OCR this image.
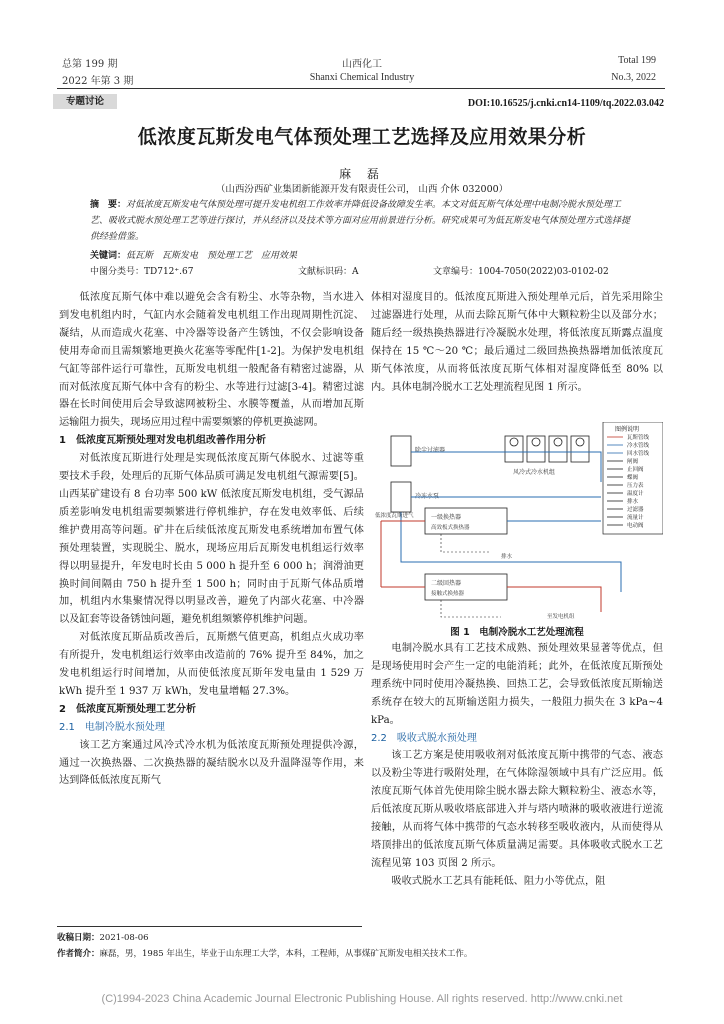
总第 199 期
2022 年第 3 期
山西化工
Shanxi Chemical Industry
Total 199
No.3, 2022
专题讨论	DOI:10.16525/j.cnki.cn14-1109/tq.2022.03.042
低浓度瓦斯发电气体预处理工艺选择及应用效果分析
麻 磊
（山西汾西矿业集团新能源开发有限责任公司， 山西 介休 032000）
摘　要：对低浓度瓦斯发电气体预处理可提升发电机组工作效率并降低设备故障发生率。本文对低瓦斯气体处理中电制冷脱水预处理工艺、吸收式脱水预处理工艺等进行探讨，并从经济以及技术等方面对应用前景进行分析。研究成果可为低瓦斯发电气体预处理方式选择提供经验借鉴。
关键词：低瓦斯　瓦斯发电　预处理工艺　应用效果
中图分类号：TD712⁺.67	文献标识码：A	文章编号：1004-7050(2022)03-0102-02

低浓度瓦斯气体中难以避免会含有粉尘、水等杂物，当水进入到发电机组内时，气缸内水会随着发电机组工作出现周期性沉淀、凝结，从而造成火花塞、中冷器等设备产生锈蚀，不仅会影响设备使用寿命而且需频繁地更换火花塞等零配件[1-2]。为保护发电机组气缸等部件运行可靠性，瓦斯发电机组一般配备有精密过滤器，从而对低浓度瓦斯气体中含有的粉尘、水等进行过滤[3-4]。精密过滤器在长时间使用后会导致滤网被粉尘、水膜等覆盖，从而增加瓦斯运输阻力损失，现场应用过程中需要频繁的停机更换滤网。

1　低浓度瓦斯预处理对发电机组改善作用分析

对低浓度瓦斯进行处理是实现低浓度瓦斯气体脱水、过滤等重要技术手段，处理后的瓦斯气体品质可满足发电机组气源需要[5]。山西某矿建设有 8 台功率 500 kW 低浓度瓦斯发电机组，受气源品质差影响发电机组需要频繁进行停机维护，存在发电效率低、后续维护费用高等问题。矿井在后续低浓度瓦斯发电系统增加布置气体预处理装置，实现脱尘、脱水，现场应用后瓦斯发电机组运行效率得以明显提升，年发电时长由 5 000 h 提升至 6 000 h；润滑油更换时间间隔由 750 h 提升至 1 500 h；同时由于瓦斯气体品质增加，机组内水集聚情况得以明显改善，避免了内部火花塞、中冷器以及缸套等设备锈蚀问题，避免机组频繁停机维护问题。

对低浓度瓦斯品质改善后，瓦斯燃气值更高，机组点火成功率有所提升，发电机组运行效率由改造前的 76% 提升至 84%，加之发电机组运行时间增加，从而使低浓度瓦斯年发电量由 1 529 万 kWh 提升至 1 937 万 kWh，发电量增幅 27.3%。

2　低浓度瓦斯预处理工艺分析

2.1　电制冷脱水预处理

该工艺方案通过风冷式冷水机为低浓度瓦斯预处理提供冷源，通过一次换热器、二次换热器的凝结脱水以及升温降湿等作用，来达到降低低浓度瓦斯气

体相对湿度目的。低浓度瓦斯进入预处理单元后，首先采用除尘过滤器进行处理，从而去除瓦斯气体中大颗粒粉尘以及部分水；随后经一级热换热器进行冷凝脱水处理，将低浓度瓦斯露点温度保持在 15 ℃～20 ℃；最后通过二级回热换热器增加低浓度瓦斯气体浓度，从而将低浓度瓦斯气体相对湿度降低至 80% 以内。具体电制冷脱水工艺处理流程见图 1 所示。

风冷式冷水机组
除尘过滤器
冷冻水泵
一级换热器
高效板式换热器
二级回热器
接触式换热器
排水
低浓度瓦斯进气
至发电机组
图例说明
瓦斯管线
冷水管线
回水管线
闸阀
止回阀
蝶阀
压力表
温度计
排水
过滤器
流量计
电动阀
图 1　电制冷脱水工艺处理流程

电制冷脱水具有工艺技术成熟、预处理效果显著等优点，但是现场使用时会产生一定的电能消耗；此外，在低浓度瓦斯预处理系统中同时使用冷凝热换、回热工艺，会导致低浓度瓦斯输送系统存在较大的瓦斯输送阻力损失，一般阻力损失在 3 kPa~4 kPa。

2.2　吸收式脱水预处理

该工艺方案是使用吸收剂对低浓度瓦斯中携带的气态、液态以及粉尘等进行吸附处理，在气体除湿领域中具有广泛应用。低浓度瓦斯气体首先使用除尘脱水器去除大颗粒粉尘、液态水等，后低浓度瓦斯从吸收塔底部进入并与塔内喷淋的吸收液进行逆流接触，从而将气体中携带的气态水转移至吸收液内，从而使得从塔顶排出的低浓度瓦斯气体质量满足需要。具体吸收式脱水工艺流程见第 103 页图 2 所示。

吸收式脱水工艺具有能耗低、阻力小等优点，阻

收稿日期：2021-08-06
作者简介：麻磊，男，1985 年出生，毕业于山东理工大学，本科，工程师，从事煤矿瓦斯发电相关技术工作。
(C)1994-2023 China Academic Journal Electronic Publishing House. All rights reserved. http://www.cnki.net
